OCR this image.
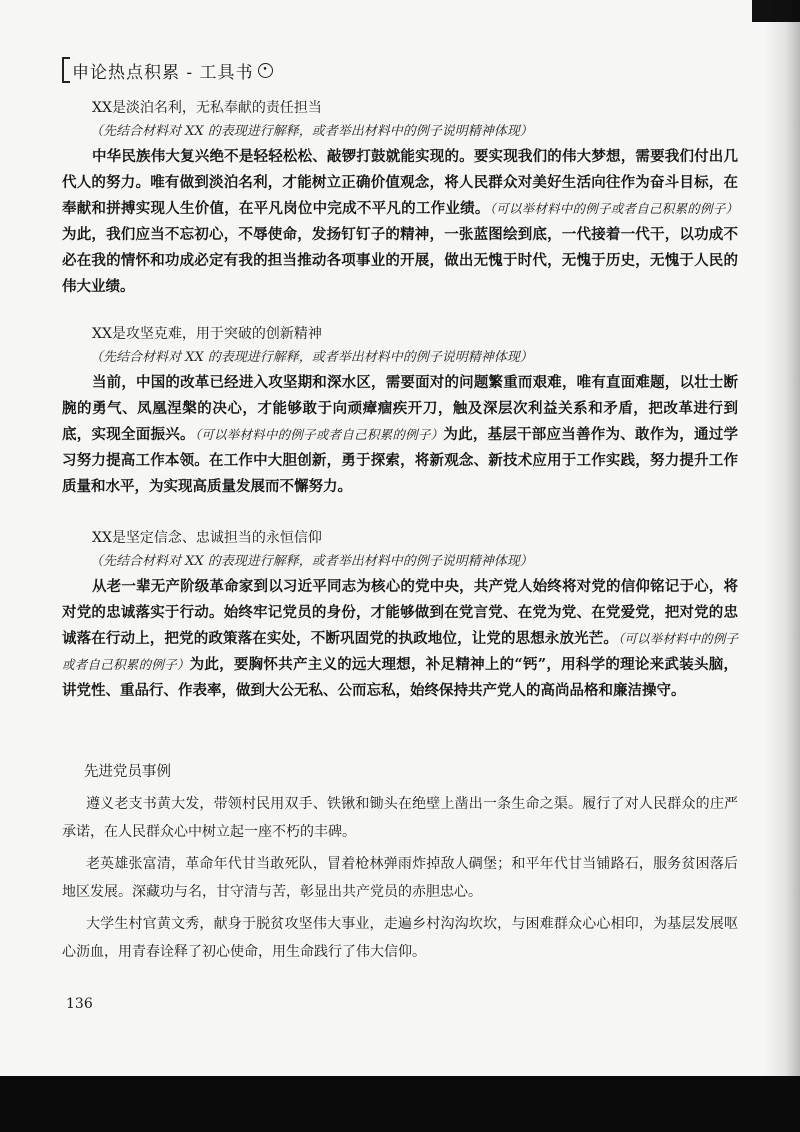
申论热点积累 - 工具书 •
XX是淡泊名利，无私奉献的责任担当
（先结合材料对 XX 的表现进行解释，或者举出材料中的例子说明精神体现）
中华民族伟大复兴绝不是轻轻松松、敲锣打鼓就能实现的。要实现我们的伟大梦想，需要我们付出几代人的努力。唯有做到淡泊名利，才能树立正确价值观念，将人民群众对美好生活向往作为奋斗目标，在奉献和拼搏实现人生价值，在平凡岗位中完成不平凡的工作业绩。（可以举材料中的例子或者自己积累的例子）为此，我们应当不忘初心，不辱使命，发扬钉钉子的精神，一张蓝图绘到底，一代接着一代干，以功成不必在我的情怀和功成必定有我的担当推动各项事业的开展，做出无愧于时代，无愧于历史，无愧于人民的伟大业绩。
XX是攻坚克难，用于突破的创新精神
（先结合材料对 XX 的表现进行解释，或者举出材料中的例子说明精神体现）
当前，中国的改革已经进入攻坚期和深水区，需要面对的问题繁重而艰难，唯有直面难题，以壮士断腕的勇气、凤凰涅槃的决心，才能够敢于向顽瘴痼疾开刀，触及深层次利益关系和矛盾，把改革进行到底，实现全面振兴。（可以举材料中的例子或者自己积累的例子）为此，基层干部应当善作为、敢作为，通过学习努力提高工作本领。在工作中大胆创新，勇于探索，将新观念、新技术应用于工作实践，努力提升工作质量和水平，为实现高质量发展而不懈努力。
XX是坚定信念、忠诚担当的永恒信仰
（先结合材料对 XX 的表现进行解释，或者举出材料中的例子说明精神体现）
从老一辈无产阶级革命家到以习近平同志为核心的党中央，共产党人始终将对党的信仰铭记于心，将对党的忠诚落实于行动。始终牢记党员的身份，才能够做到在党言党、在党为党、在党爱党，把对党的忠诚落在行动上，把党的政策落在实处，不断巩固党的执政地位，让党的思想永放光芒。（可以举材料中的例子或者自己积累的例子）为此，要胸怀共产主义的远大理想，补足精神上的“钙”，用科学的理论来武装头脑，讲党性、重品行、作表率，做到大公无私、公而忘私，始终保持共产党人的高尚品格和廉洁操守。
先进党员事例
遵义老支书黄大发，带领村民用双手、铁锹和锄头在绝壁上凿出一条生命之渠。履行了对人民群众的庄严承诺，在人民群众心中树立起一座不朽的丰碑。
老英雄张富清，革命年代甘当敢死队，冒着枪林弹雨炸掉敌人碉堡；和平年代甘当铺路石，服务贫困落后地区发展。深藏功与名，甘守清与苦，彰显出共产党员的赤胆忠心。
大学生村官黄文秀，献身于脱贫攻坚伟大事业，走遍乡村沟沟坎坎，与困难群众心心相印，为基层发展呕心沥血，用青春诠释了初心使命，用生命践行了伟大信仰。
136
